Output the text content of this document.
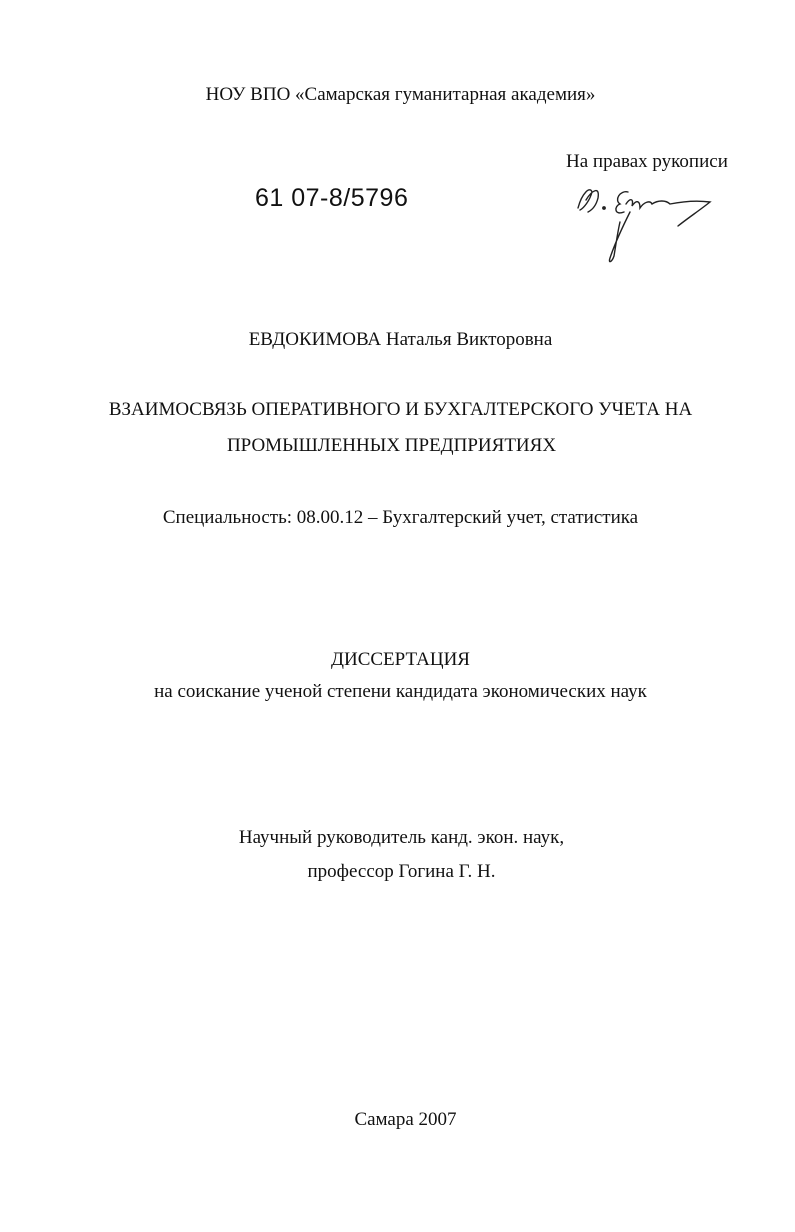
НОУ ВПО «Самарская гуманитарная академия»
На правах рукописи
61 07-8/5796
ЕВДОКИМОВА Наталья Викторовна
ВЗАИМОСВЯЗЬ ОПЕРАТИВНОГО И БУХГАЛТЕРСКОГО УЧЕТА НА
ПРОМЫШЛЕННЫХ ПРЕДПРИЯТИЯХ
Специальность: 08.00.12 – Бухгалтерский учет, статистика
ДИССЕРТАЦИЯ
на соискание ученой степени кандидата экономических наук
Научный руководитель канд. экон. наук,
профессор Гогина Г. Н.
Самара 2007
